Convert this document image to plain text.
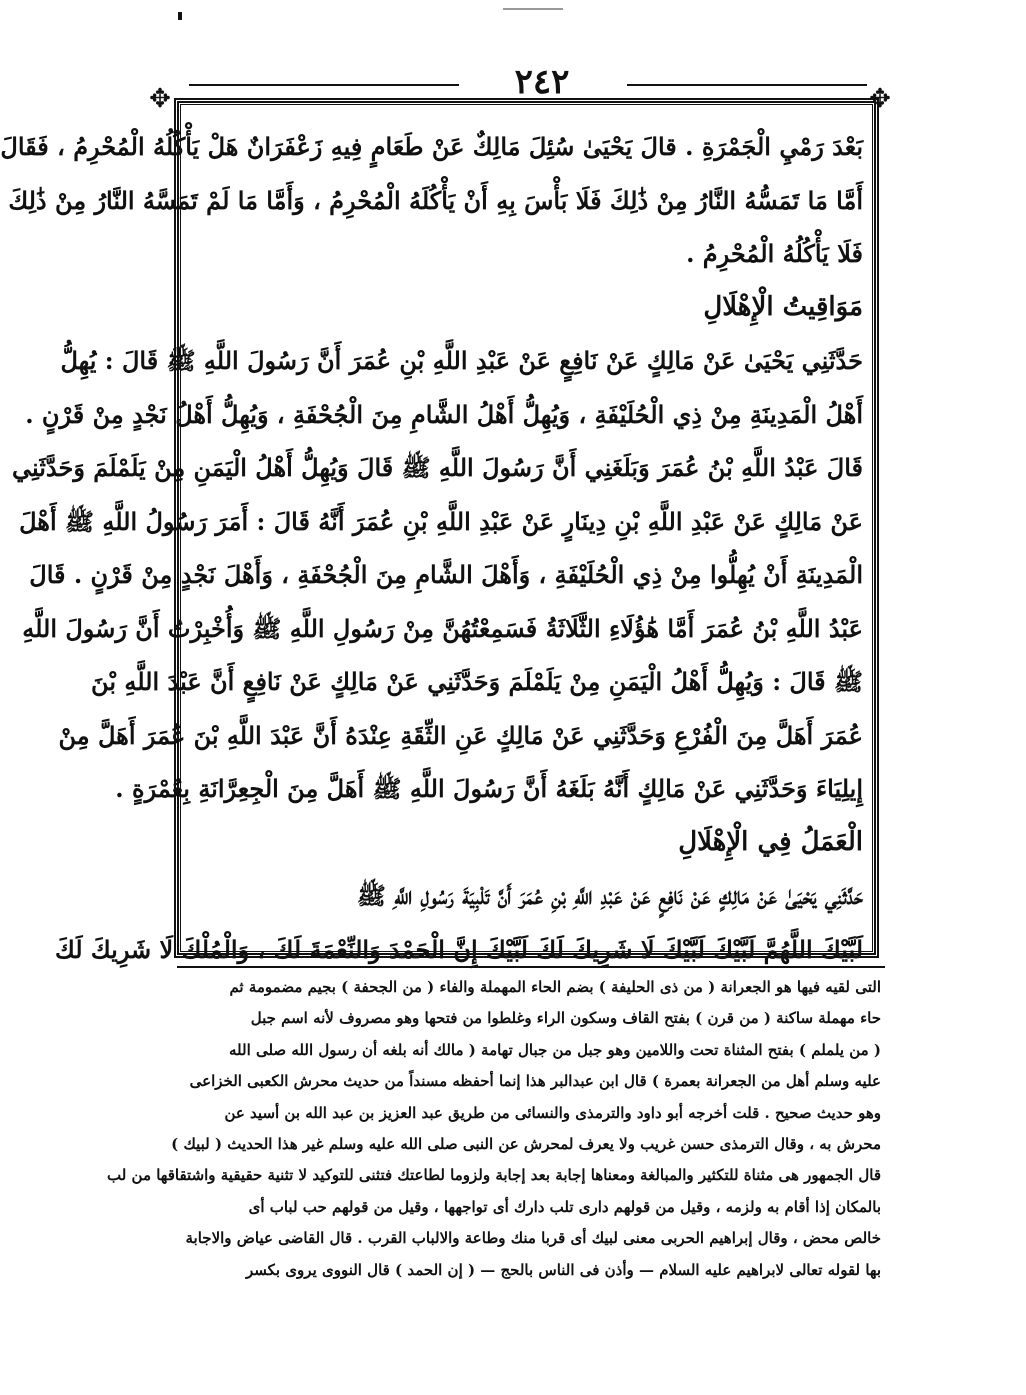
٢٤٢
✥	✥
بَعْدَ رَمْيِ الْجَمْرَةِ . قالَ يَحْيَىٰ سُئِلَ مَالِكٌ عَنْ طَعَامٍ فِيهِ زَعْفَرَانٌ هَلْ يَأْكُلُهُ الْمُحْرِمُ ، فَقَالَ
أَمَّا مَا تَمَسُّهُ النَّارُ مِنْ ذَٰلِكَ فَلَا بَأْسَ بِهِ أَنْ يَأْكُلَهُ الْمُحْرِمُ ، وَأَمَّا مَا لَمْ تَمَسَّهُ النَّارُ مِنْ ذَٰلِكَ
فَلَا يَأْكُلُهُ الْمُحْرِمُ .
مَوَاقِيتُ الْإِهْلَالِ
حَدَّثَنِي يَحْيَىٰ عَنْ مَالِكٍ عَنْ نَافِعٍ عَنْ عَبْدِ اللَّهِ بْنِ عُمَرَ أَنَّ رَسُولَ اللَّهِ ﷺ قَالَ : يُهِلُّ
أَهْلُ الْمَدِينَةِ مِنْ ذِي الْحُلَيْفَةِ ، وَيُهِلُّ أَهْلُ الشَّامِ مِنَ الْجُحْفَةِ ، وَيُهِلُّ أَهْلُ نَجْدٍ مِنْ قَرْنٍ .
قَالَ عَبْدُ اللَّهِ بْنُ عُمَرَ وَبَلَغَنِي أَنَّ رَسُولَ اللَّهِ ﷺ قَالَ وَيُهِلُّ أَهْلُ الْيَمَنِ مِنْ يَلَمْلَمَ وَحَدَّثَنِي
عَنْ مَالِكٍ عَنْ عَبْدِ اللَّهِ بْنِ دِينَارٍ عَنْ عَبْدِ اللَّهِ بْنِ عُمَرَ أَنَّهُ قَالَ : أَمَرَ رَسُولُ اللَّهِ ﷺ أَهْلَ
الْمَدِينَةِ أَنْ يُهِلُّوا مِنْ ذِي الْحُلَيْفَةِ ، وَأَهْلَ الشَّامِ مِنَ الْجُحْفَةِ ، وَأَهْلَ نَجْدٍ مِنْ قَرْنٍ . قَالَ
عَبْدُ اللَّهِ بْنُ عُمَرَ أَمَّا هَٰؤُلَاءِ الثَّلَاثَةُ فَسَمِعْتُهُنَّ مِنْ رَسُولِ اللَّهِ ﷺ وَأُخْبِرْتُ أَنَّ رَسُولَ اللَّهِ
ﷺ قَالَ : وَيُهِلُّ أَهْلُ الْيَمَنِ مِنْ يَلَمْلَمَ وَحَدَّثَنِي عَنْ مَالِكٍ عَنْ نَافِعٍ أَنَّ عَبْدَ اللَّهِ بْنَ
عُمَرَ أَهَلَّ مِنَ الْفُرْعِ وَحَدَّثَنِي عَنْ مَالِكٍ عَنِ الثِّقَةِ عِنْدَهُ أَنَّ عَبْدَ اللَّهِ بْنَ عُمَرَ أَهَلَّ مِنْ
إِيلِيَاءَ وَحَدَّثَنِي عَنْ مَالِكٍ أَنَّهُ بَلَغَهُ أَنَّ رَسُولَ اللَّهِ ﷺ أَهَلَّ مِنَ الْجِعِرَّانَةِ بِعُمْرَةٍ .
الْعَمَلُ فِي الْإِهْلَالِ
حَدَّثَنِي يَحْيَىٰ عَنْ مَالِكٍ عَنْ نَافِعٍ عَنْ عَبْدِ اللَّهِ بْنِ عُمَرَ أَنَّ تَلْبِيَةَ رَسُولِ اللَّهِ ﷺ
لَبَّيْكَ اللَّهُمَّ لَبَّيْكَ لَبَّيْكَ لَا شَرِيكَ لَكَ لَبَّيْكَ إِنَّ الْحَمْدَ وَالنِّعْمَةَ لَكَ ، وَالْمُلْكَ لَا شَرِيكَ لَكَ
التى لقيه فيها هو الجعرانة ( من ذى الحليفة ) بضم الحاء المهملة والفاء ( من الجحفة ) بجيم مضمومة ثم
حاء مهملة ساكنة ( من قرن ) بفتح القاف وسكون الراء وغلطوا من فتحها وهو مصروف لأنه اسم جبل
( من يلملم ) بفتح المثناة تحت واللامين وهو جبل من جبال تهامة ( مالك أنه بلغه أن رسول الله صلى الله
عليه وسلم أهل من الجعرانة بعمرة ) قال ابن عبدالبر هذا إنما أحفظه مسنداً من حديث محرش الكعبى الخزاعى
وهو حديث صحيح . قلت أخرجه أبو داود والترمذى والنسائى من طريق عبد العزيز بن عبد الله بن أسيد عن
محرش به ، وقال الترمذى حسن غريب ولا يعرف لمحرش عن النبى صلى الله عليه وسلم غير هذا الحديث ( لبيك )
قال الجمهور هى مثناة للتكثير والمبالغة ومعناها إجابة بعد إجابة ولزوما لطاعتك فتثنى للتوكيد لا تثنية حقيقية واشتقاقها من لب
بالمكان إذا أقام به ولزمه ، وقيل من قولهم دارى تلب دارك أى تواجهها ، وقيل من قولهم حب لباب أى
خالص محض ، وقال إبراهيم الحربى معنى لبيك أى قربا منك وطاعة والالباب القرب . قال القاضى عياض والاجابة
بها لقوله تعالى لابراهيم عليه السلام — وأذن فى الناس بالحج — ( إن الحمد ) قال النووى يروى بكسر
